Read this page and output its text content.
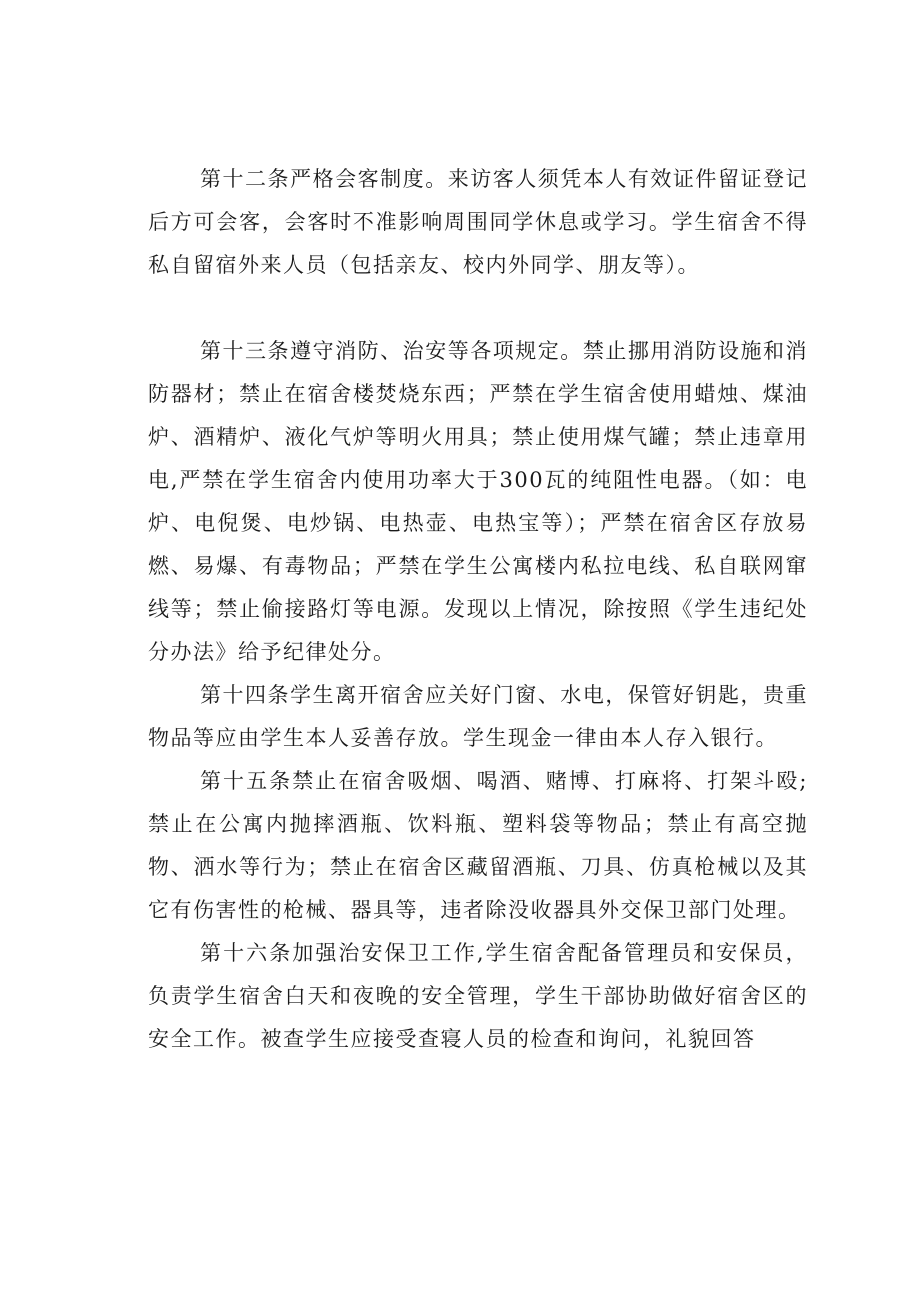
第十二条严格会客制度。来访客人须凭本人有效证件留证登记后方可会客，会客时不准影响周围同学休息或学习。学生宿舍不得私自留宿外来人员（包括亲友、校内外同学、朋友等）。

第十三条遵守消防、治安等各项规定。禁止挪用消防设施和消防器材；禁止在宿舍楼焚烧东西；严禁在学生宿舍使用蜡烛、煤油炉、酒精炉、液化气炉等明火用具；禁止使用煤气罐；禁止违章用电,严禁在学生宿舍内使用功率大于300瓦的纯阻性电器。（如：电炉、电倪煲、电炒锅、电热壶、电热宝等）；严禁在宿舍区存放易燃、易爆、有毒物品；严禁在学生公寓楼内私拉电线、私自联网窜线等；禁止偷接路灯等电源。发现以上情况，除按照《学生违纪处分办法》给予纪律处分。

第十四条学生离开宿舍应关好门窗、水电，保管好钥匙，贵重物品等应由学生本人妥善存放。学生现金一律由本人存入银行。

第十五条禁止在宿舍吸烟、喝酒、赌博、打麻将、打架斗殴;禁止在公寓内抛摔酒瓶、饮料瓶、塑料袋等物品；禁止有高空抛物、洒水等行为；禁止在宿舍区藏留酒瓶、刀具、仿真枪械以及其它有伤害性的枪械、器具等，违者除没收器具外交保卫部门处理。

第十六条加强治安保卫工作,学生宿舍配备管理员和安保员，负责学生宿舍白天和夜晚的安全管理，学生干部协助做好宿舍区的安全工作。被查学生应接受查寝人员的检查和询问，礼貌回答
